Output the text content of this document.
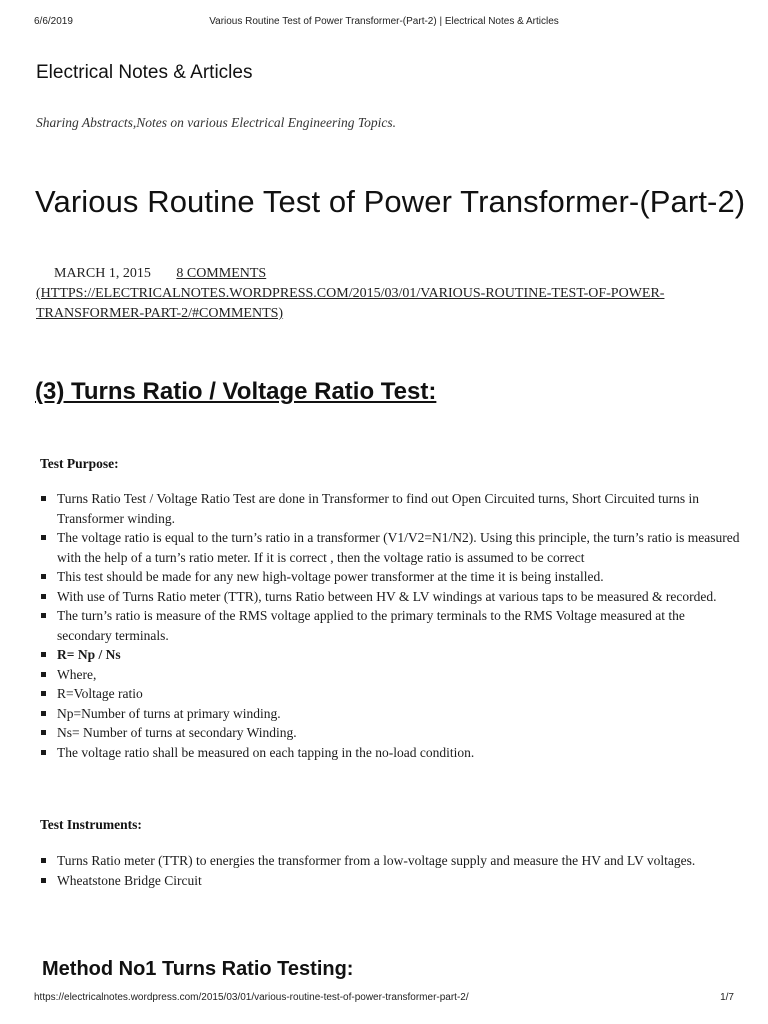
6/6/2019	Various Routine Test of Power Transformer-(Part-2) | Electrical Notes & Articles
Electrical Notes & Articles
Sharing Abstracts,Notes on various Electrical Engineering Topics.
Various Routine Test of Power Transformer-(Part-2)
MARCH 1, 2015 8 COMMENTS
(HTTPS://ELECTRICALNOTES.WORDPRESS.COM/2015/03/01/VARIOUS-ROUTINE-TEST-OF-POWER-TRANSFORMER-PART-2/#COMMENTS)
(3) Turns Ratio / Voltage Ratio Test:
Test Purpose:
Turns Ratio Test / Voltage Ratio Test are done in Transformer to find out Open Circuited turns, Short Circuited turns in Transformer winding.
The voltage ratio is equal to the turn’s ratio in a transformer (V1/V2=N1/N2). Using this principle, the turn’s ratio is measured with the help of a turn’s ratio meter. If it is correct , then the voltage ratio is assumed to be correct
This test should be made for any new high-voltage power transformer at the time it is being installed.
With use of Turns Ratio meter (TTR), turns Ratio between HV & LV windings at various taps to be measured & recorded.
The turn’s ratio is measure of the RMS voltage applied to the primary terminals to the RMS Voltage measured at the secondary terminals.
R= Np / Ns
Where,
R=Voltage ratio
Np=Number of turns at primary winding.
Ns= Number of turns at secondary Winding.
The voltage ratio shall be measured on each tapping in the no-load condition.
Test Instruments:
Turns Ratio meter (TTR) to energies the transformer from a low-voltage supply and measure the HV and LV voltages.
Wheatstone Bridge Circuit
Method No1 Turns Ratio Testing:
https://electricalnotes.wordpress.com/2015/03/01/various-routine-test-of-power-transformer-part-2/	1/7
